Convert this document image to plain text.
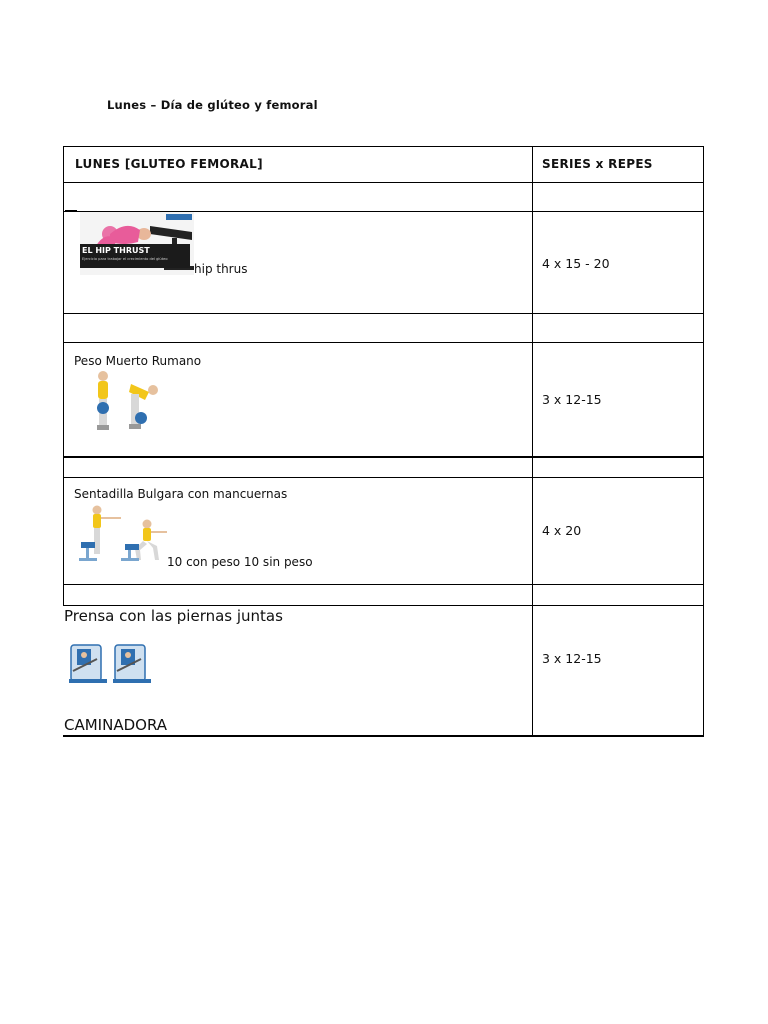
Lunes – Día de glúteo y femoral
LUNES [GLUTEO FEMORAL]	SERIES x REPES
EL HIP THRUST
Ejercicio para trabajar el crecimiento del glúteo
hip thrus	4 x 15 - 20
Peso Muerto Rumano
3 x 12-15
Sentadilla Bulgara con mancuernas
10 con peso 10 sin peso
4 x 20
Prensa con las piernas juntas
CAMINADORA
3 x 12-15
